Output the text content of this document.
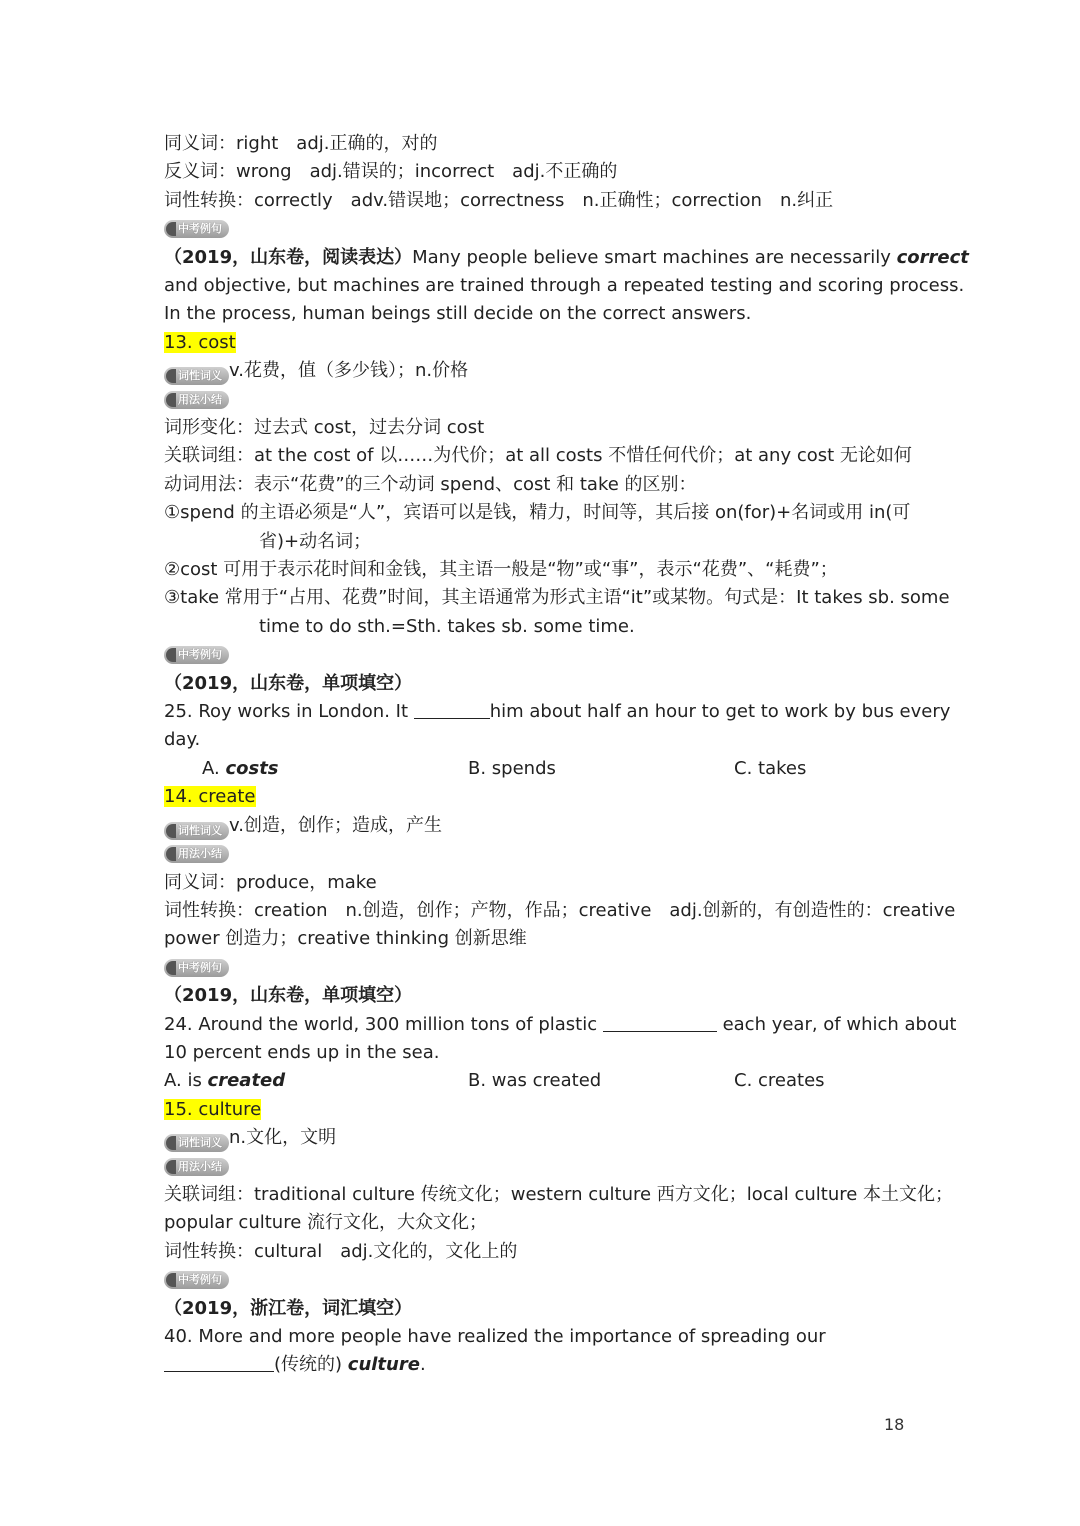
同义词：right　adj.正确的，对的
反义词：wrong　adj.错误的；incorrect　adj.不正确的
词性转换：correctly　adv.错误地；correctness　n.正确性；correction　n.纠正
中考例句
（2019，山东卷，阅读表达）Many people believe smart machines are necessarily correct
and objective, but machines are trained through a repeated testing and scoring process.
In the process, human beings still decide on the correct answers.
13. cost
词性词义 v.花费，值（多少钱）；n.价格
用法小结
词形变化：过去式 cost，过去分词 cost
关联词组：at the cost of 以……为代价；at all costs 不惜任何代价；at any cost 无论如何
动词用法：表示“花费”的三个动词 spend、cost 和 take 的区别：
①spend 的主语必须是“人”，宾语可以是钱，精力，时间等，其后接 on(for)+名词或用 in(可
省)+动名词；
②cost 可用于表示花时间和金钱，其主语一般是“物”或“事”，表示“花费”、“耗费”；
③take 常用于“占用、花费”时间，其主语通常为形式主语“it”或某物。句式是：It takes sb. some
time to do sth.=Sth. takes sb. some time.
中考例句
（2019，山东卷，单项填空）
25. Roy works in London. It	him about half an hour to get to work by bus every
day.
A. costs	B. spends	C. takes
14. create
词性词义 v.创造，创作；造成，产生
用法小结
同义词：produce，make
词性转换：creation　n.创造，创作；产物，作品；creative　adj.创新的，有创造性的：creative
power 创造力；creative thinking 创新思维
中考例句
（2019，山东卷，单项填空）
24. Around the world, 300 million tons of plastic	each year, of which about
10 percent ends up in the sea.
A. is created	B. was created	C. creates
15. culture
词性词义 n.文化，文明
用法小结
关联词组：traditional culture 传统文化；western culture 西方文化；local culture 本土文化；
popular culture 流行文化，大众文化；
词性转换：cultural　adj.文化的，文化上的
中考例句
（2019，浙江卷，词汇填空）
40. More and more people have realized the importance of spreading our
(传统的) culture.
18
